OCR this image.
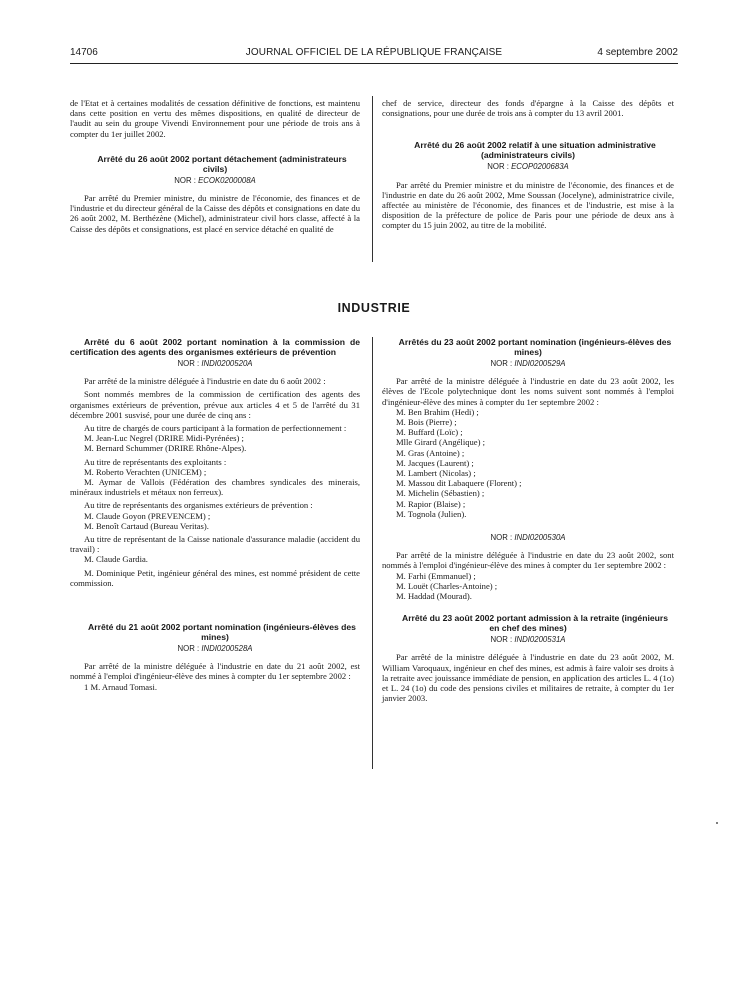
14706	JOURNAL OFFICIEL DE LA RÉPUBLIQUE FRANÇAISE	4 septembre 2002

de l'Etat et à certaines modalités de cessation définitive de fonctions, est maintenu dans cette position en vertu des mêmes dispositions, en qualité de directeur de l'audit au sein du groupe Vivendi Environnement pour une période de trois ans à compter du 1er juillet 2002.

Arrêté du 26 août 2002 portant détachement (administrateurs civils)

NOR : ECOK0200008A

Par arrêté du Premier ministre, du ministre de l'économie, des finances et de l'industrie et du directeur général de la Caisse des dépôts et consignations en date du 26 août 2002, M. Berthézène (Michel), administrateur civil hors classe, affecté à la Caisse des dépôts et consignations, est placé en service détaché en qualité de

chef de service, directeur des fonds d'épargne à la Caisse des dépôts et consignations, pour une durée de trois ans à compter du 13 avril 2001.

Arrêté du 26 août 2002 relatif à une situation administrative (administrateurs civils)

NOR : ECOP0200683A

Par arrêté du Premier ministre et du ministre de l'économie, des finances et de l'industrie en date du 26 août 2002, Mme Soussan (Jocelyne), administratrice civile, affectée au ministère de l'économie, des finances et de l'industrie, est mise à la disposition de la préfecture de police de Paris pour une période de deux ans à compter du 15 juin 2002, au titre de la mobilité.

INDUSTRIE

Arrêté du 6 août 2002 portant nomination à la commission de certification des agents des organismes extérieurs de prévention

NOR : INDI0200520A

Par arrêté de la ministre déléguée à l'industrie en date du 6 août 2002 :

Sont nommés membres de la commission de certification des agents des organismes extérieurs de prévention, prévue aux articles 4 et 5 de l'arrêté du 31 décembre 2001 susvisé, pour une durée de cinq ans :

Au titre de chargés de cours participant à la formation de perfectionnement :

M. Jean-Luc Negrel (DRIRE Midi-Pyrénées) ;

M. Bernard Schummer (DRIRE Rhône-Alpes).

Au titre de représentants des exploitants :

M. Roberto Verachten (UNICEM) ;

M. Aymar de Vallois (Fédération des chambres syndicales des minerais, minéraux industriels et métaux non ferreux).

Au titre de représentants des organismes extérieurs de prévention :

M. Claude Goyon (PREVENCEM) ;

M. Benoît Cartaud (Bureau Veritas).

Au titre de représentant de la Caisse nationale d'assurance maladie (accident du travail) :

M. Claude Gardia.

M. Dominique Petit, ingénieur général des mines, est nommé président de cette commission.

Arrêté du 21 août 2002 portant nomination (ingénieurs-élèves des mines)

NOR : INDI0200528A

Par arrêté de la ministre déléguée à l'industrie en date du 21 août 2002, est nommé à l'emploi d'ingénieur-élève des mines à compter du 1er septembre 2002 :

1 M. Arnaud Tomasi.

Arrêtés du 23 août 2002 portant nomination (ingénieurs-élèves des mines)

NOR : INDI0200529A

Par arrêté de la ministre déléguée à l'industrie en date du 23 août 2002, les élèves de l'Ecole polytechnique dont les noms suivent sont nommés à l'emploi d'ingénieur-élève des mines à compter du 1er septembre 2002 :

M. Ben Brahim (Hedi) ;

M. Bois (Pierre) ;

M. Buffard (Loïc) ;

Mlle Girard (Angélique) ;

M. Gras (Antoine) ;

M. Jacques (Laurent) ;

M. Lambert (Nicolas) ;

M. Massou dit Labaquere (Florent) ;

M. Michelin (Sébastien) ;

M. Rapior (Blaise) ;

M. Tognola (Julien).

NOR : INDI0200530A

Par arrêté de la ministre déléguée à l'industrie en date du 23 août 2002, sont nommés à l'emploi d'ingénieur-élève des mines à compter du 1er septembre 2002 :

M. Farhi (Emmanuel) ;

M. Louët (Charles-Antoine) ;

M. Haddad (Mourad).

Arrêté du 23 août 2002 portant admission à la retraite (ingénieurs en chef des mines)

NOR : INDI0200531A

Par arrêté de la ministre déléguée à l'industrie en date du 23 août 2002, M. William Varoquaux, ingénieur en chef des mines, est admis à faire valoir ses droits à la retraite avec jouissance immédiate de pension, en application des articles L. 4 (1o) et L. 24 (1o) du code des pensions civiles et militaires de retraite, à compter du 1er janvier 2003.
